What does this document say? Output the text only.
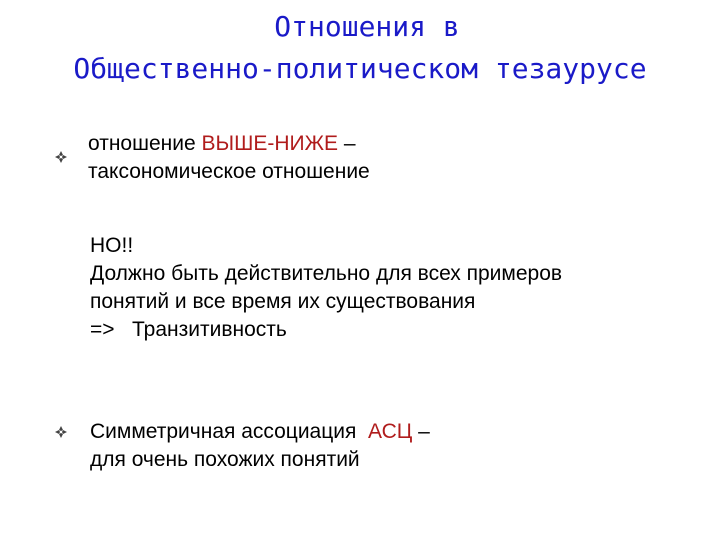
Отношения в
Общественно-политическом тезаурусе
отношение ВЫШЕ-НИЖЕ –
таксономическое отношение
НО!!
Должно быть действительно для всех примеров
понятий и все время их существования
=>   Транзитивность
Симметричная ассоциация  АСЦ –
для очень похожих понятий
